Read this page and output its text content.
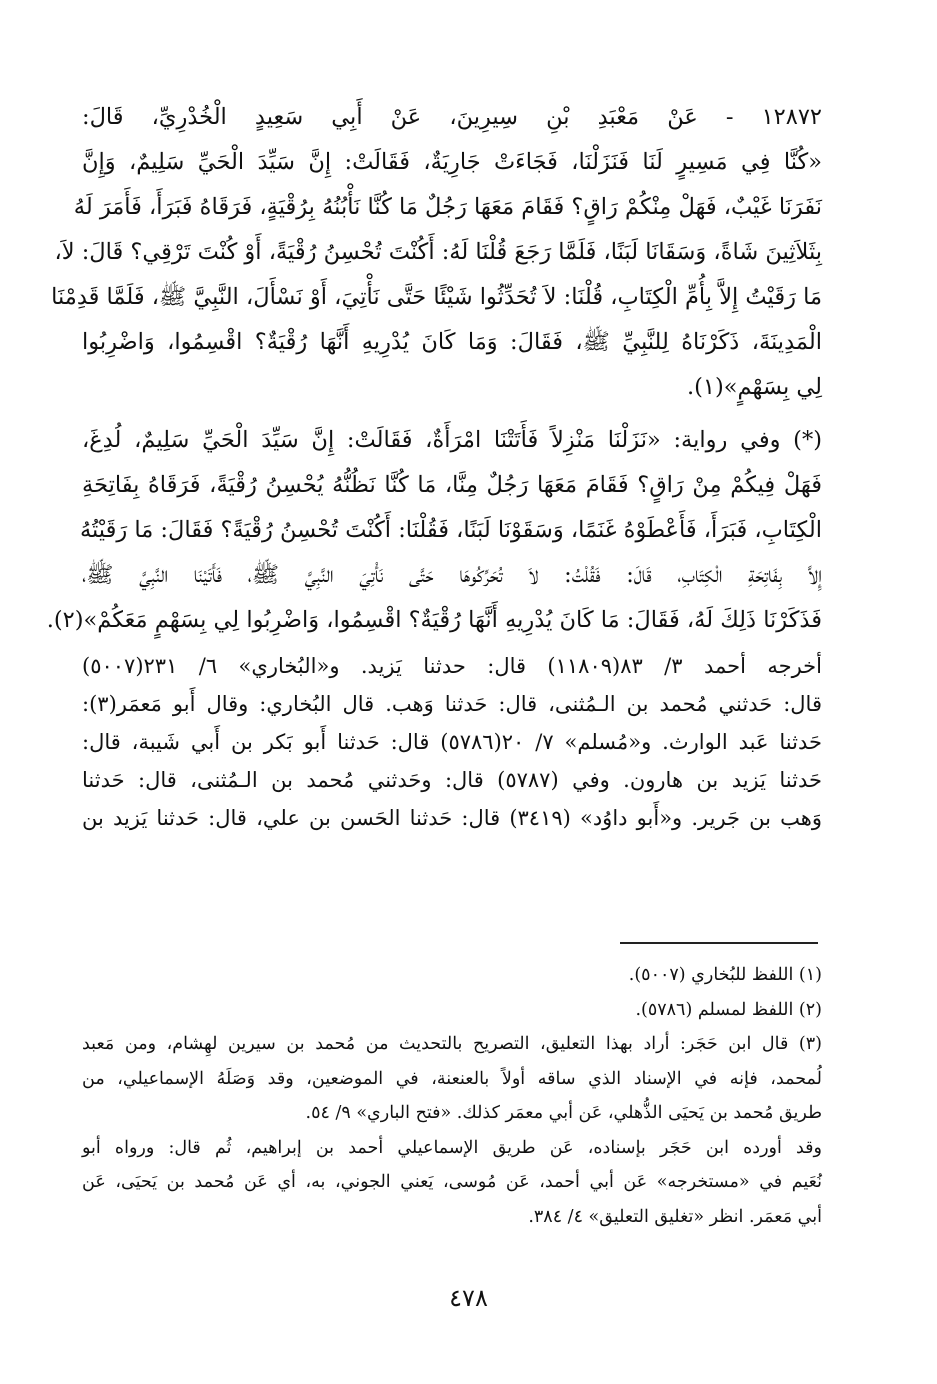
١٢٨٧٢ - عَنْ مَعْبَدِ بْنِ سِيرِينَ، عَنْ أَبِي سَعِيدٍ الْخُدْرِيِّ، قَالَ:
«كُنَّا فِي مَسِيرٍ لَنَا فَنَزَلْنَا، فَجَاءَتْ جَارِيَةٌ، فَقَالَتْ: إِنَّ سَيِّدَ الْحَيِّ سَلِيمٌ، وَإِنَّ
نَفَرَنَا غَيْبٌ، فَهَلْ مِنْكُمْ رَاقٍ؟ فَقَامَ مَعَهَا رَجُلٌ مَا كُنَّا نَأْبُنُهُ بِرُقْيَةٍ، فَرَقَاهُ فَبَرَأَ، فَأَمَرَ لَهُ
بِثَلاَثِينَ شَاةً، وَسَقَانَا لَبَنًا، فَلَمَّا رَجَعَ قُلْنَا لَهُ: أَكُنْتَ تُحْسِنُ رُقْيَةً، أَوْ كُنْتَ تَرْقِي؟ قَالَ: لاَ،
مَا رَقَيْتُ إِلاَّ بِأُمِّ الْكِتَابِ، قُلْنَا: لاَ تُحَدِّثُوا شَيْئًا حَتَّى نَأْتِيَ، أَوْ نَسْأَلَ، النَّبِيَّ ﷺ، فَلَمَّا قَدِمْنَا
الْمَدِينَةَ، ذَكَرْنَاهُ لِلنَّبِيِّ ﷺ، فَقَالَ: وَمَا كَانَ يُدْرِيهِ أَنَّهَا رُقْيَةٌ؟ اقْسِمُوا، وَاضْرِبُوا
لِي بِسَهْمٍ»(١).
(*) وفي رواية: «نَزَلْنَا مَنْزِلاً فَأَتَتْنَا امْرَأَةٌ، فَقَالَتْ: إِنَّ سَيِّدَ الْحَيِّ سَلِيمٌ، لُدِغَ،
فَهَلْ فِيكُمْ مِنْ رَاقٍ؟ فَقَامَ مَعَهَا رَجُلٌ مِنَّا، مَا كُنَّا نَظُنُّهُ يُحْسِنُ رُقْيَةً، فَرَقَاهُ بِفَاتِحَةِ
الْكِتَابِ، فَبَرَأَ، فَأَعْطَوْهُ غَنَمًا، وَسَقَوْنَا لَبَنًا، فَقُلْنَا: أَكُنْتَ تُحْسِنُ رُقْيَةً؟ فَقَالَ: مَا رَقَيْتُهُ
إِلاَّ بِفَاتِحَةِ الْكِتَابِ، قَالَ: فَقُلْتُ: لاَ تُحَرِّكُوهَا حَتَّى نَأْتِيَ النَّبِيَّ ﷺ، فَأَتَيْنَا النَّبِيَّ ﷺ،
فَذَكَرْنَا ذَلِكَ لَهُ، فَقَالَ: مَا كَانَ يُدْرِيهِ أَنَّهَا رُقْيَةٌ؟ اقْسِمُوا، وَاضْرِبُوا لِي بِسَهْمٍ مَعَكُمْ»(٢).
أخرجه أحمد ٣/ ٨٣(١١٨٠٩) قال: حدثنا يَزيد. و«البُخاري» ٦/ ٢٣١(٥٠٠٧)
قال: حَدثني مُحمد بن الـمُثنى، قال: حَدثنا وَهب. قال البُخاري: وقال أَبو مَعمَر(٣):
حَدثنا عَبد الوارث. و«مُسلم» ٧/ ٢٠(٥٧٨٦) قال: حَدثنا أَبو بَكر بن أَبي شَيبة، قال:
حَدثنا يَزيد بن هارون. وفي (٥٧٨٧) قال: وحَدثني مُحمد بن الـمُثنى، قال: حَدثنا
وَهب بن جَرير. و«أَبو داوُد» (٣٤١٩) قال: حَدثنا الحَسن بن علي، قال: حَدثنا يَزيد بن
(١) اللفظ للبُخاري (٥٠٠٧).
(٢) اللفظ لمسلم (٥٧٨٦).
(٣) قال ابن حَجَر: أراد بهذا التعليق، التصريح بالتحديث من مُحمد بن سيرين لهِشام، ومن مَعبد
لُمحمد، فإنه في الإسناد الذي ساقه أولاً بالعنعنة، في الموضعين، وقد وَصَلَهُ الإسماعيلي، من
طريق مُحمد بن يَحيَى الذُّهلي، عَن أبي معمَر كذلك. «فتح الباري» ٩/ ٥٤.
وقد أورده ابن حَجَر بإسناده، عَن طريق الإسماعيلي أحمد بن إبراهيم، ثُم قال: ورواه أبو
نُعَيم في «مستخرجه» عَن أبي أحمد، عَن مُوسى، يَعني الجوني، به، أي عَن مُحمد بن يَحيَى، عَن
أبي مَعمَر. انظر «تغليق التعليق» ٤/ ٣٨٤.
٤٧٨
